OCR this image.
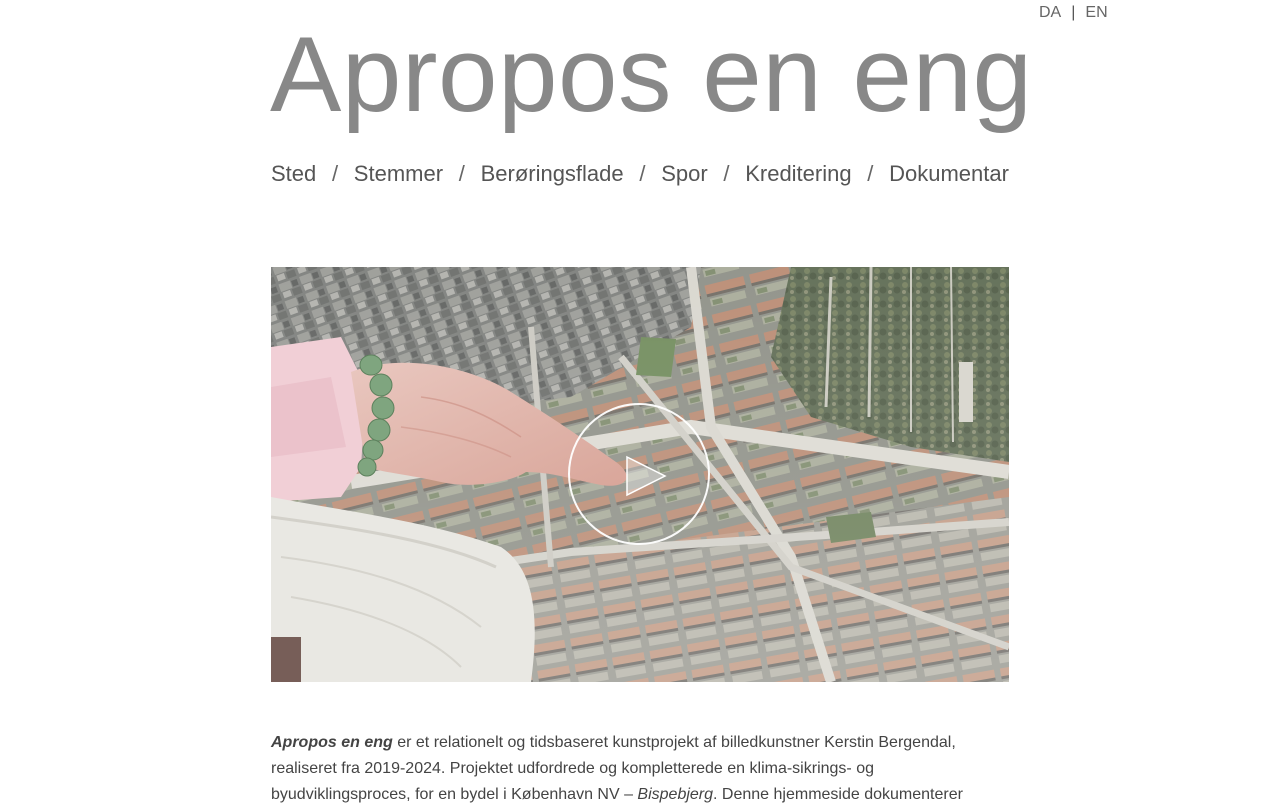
DA | EN
Apropos en eng
Sted / Stemmer / Berøringsflade / Spor / Kreditering / Dokumentar

Apropos en eng er et relationelt og tidsbaseret kunstprojekt af billedkunstner Kerstin Bergendal, realiseret fra 2019-2024. Projektet udfordrede og kompletterede en klima-sikrings- og byudviklingsproces, for en bydel i København NV – Bispebjerg. Denne hjemmeside dokumenterer
